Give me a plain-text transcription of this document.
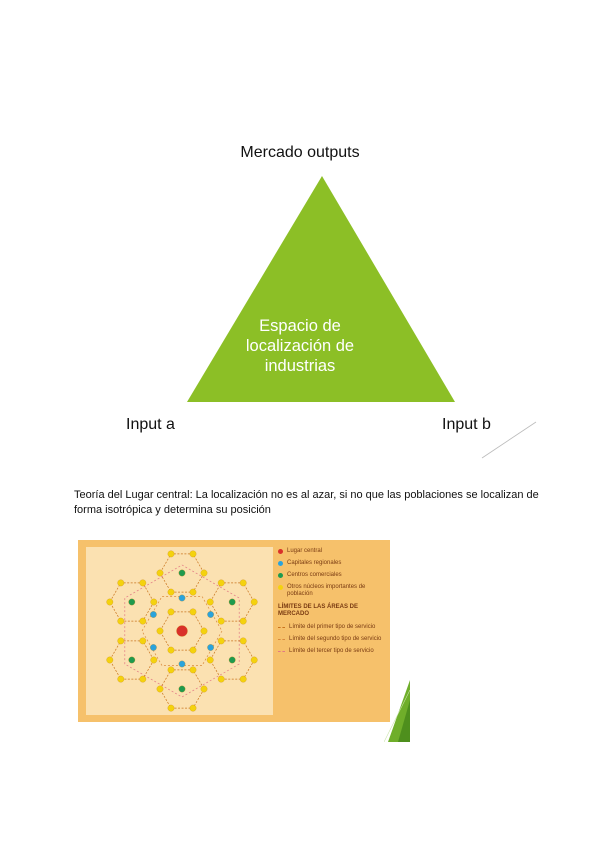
Mercado outputs
Espacio de
localización de
industrias
Input a	Input b
Teoría del Lugar central: La localización no es al azar, si no que las poblaciones se localizan de forma isotrópica y determina su posición
Lugar central
Capitales regionales
Centros comerciales
Otros núcleos importantes de población
LÍMITES DE LAS ÁREAS DE MERCADO
Límite del primer tipo de servicio
Límite del segundo tipo de servicio
Límite del tercer tipo de servicio
